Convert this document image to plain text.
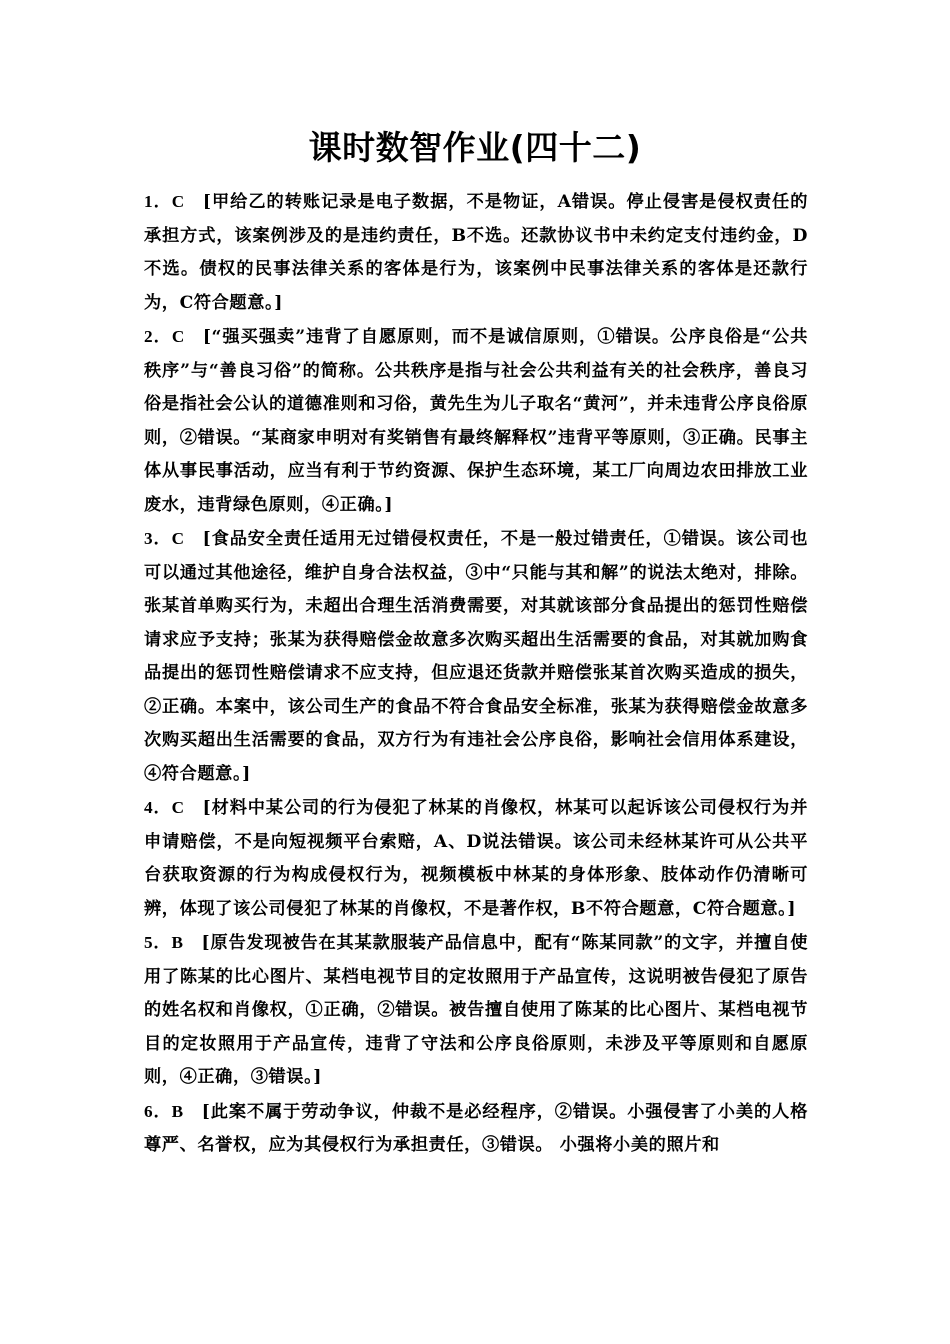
课时数智作业(四十二)

1．C [甲给乙的转账记录是电子数据，不是物证，A错误。停止侵害是侵权责任的承担方式，该案例涉及的是违约责任，B不选。还款协议书中未约定支付违约金，D不选。债权的民事法律关系的客体是行为，该案例中民事法律关系的客体是还款行为，C符合题意。]

2．C [“强买强卖”违背了自愿原则，而不是诚信原则，①错误。公序良俗是“公共秩序”与“善良习俗”的简称。公共秩序是指与社会公共利益有关的社会秩序，善良习俗是指社会公认的道德准则和习俗，黄先生为儿子取名“黄河”，并未违背公序良俗原则，②错误。“某商家申明对有奖销售有最终解释权”违背平等原则，③正确。民事主体从事民事活动，应当有利于节约资源、保护生态环境，某工厂向周边农田排放工业废水，违背绿色原则，④正确。]

3．C [食品安全责任适用无过错侵权责任，不是一般过错责任，①错误。该公司也可以通过其他途径，维护自身合法权益，③中“只能与其和解”的说法太绝对，排除。张某首单购买行为，未超出合理生活消费需要，对其就该部分食品提出的惩罚性赔偿请求应予支持；张某为获得赔偿金故意多次购买超出生活需要的食品，对其就加购食品提出的惩罚性赔偿请求不应支持，但应退还货款并赔偿张某首次购买造成的损失，②正确。本案中，该公司生产的食品不符合食品安全标准，张某为获得赔偿金故意多次购买超出生活需要的食品，双方行为有违社会公序良俗，影响社会信用体系建设，④符合题意。]

4．C [材料中某公司的行为侵犯了林某的肖像权，林某可以起诉该公司侵权行为并申请赔偿，不是向短视频平台索赔，A、D说法错误。该公司未经林某许可从公共平台获取资源的行为构成侵权行为，视频模板中林某的身体形象、肢体动作仍清晰可辨，体现了该公司侵犯了林某的肖像权，不是著作权，B不符合题意，C符合题意。]

5．B [原告发现被告在其某款服装产品信息中，配有“陈某同款”的文字，并擅自使用了陈某的比心图片、某档电视节目的定妆照用于产品宣传，这说明被告侵犯了原告的姓名权和肖像权，①正确，②错误。被告擅自使用了陈某的比心图片、某档电视节目的定妆照用于产品宣传，违背了守法和公序良俗原则，未涉及平等原则和自愿原则，④正确，③错误。]

6．B [此案不属于劳动争议，仲裁不是必经程序，②错误。小强侵害了小美的人格尊严、名誉权，应为其侵权行为承担责任，③错误。 小强将小美的照片和
